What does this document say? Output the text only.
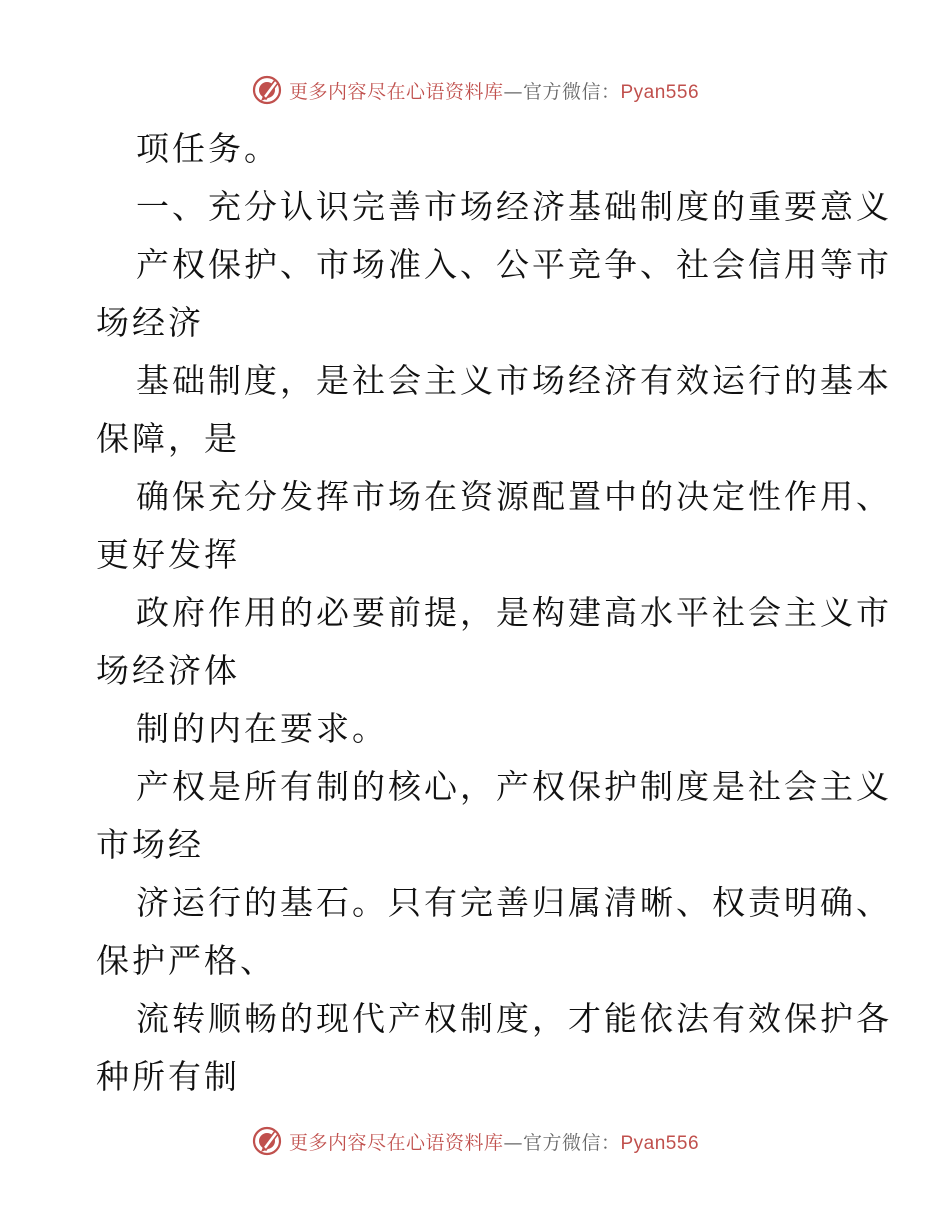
更多内容尽在心语资料库—官方微信：Pyan556
项任务。
一、充分认识完善市场经济基础制度的重要意义
产权保护、市场准入、公平竞争、社会信用等市
场经济
基础制度，是社会主义市场经济有效运行的基本
保障，是
确保充分发挥市场在资源配置中的决定性作用、
更好发挥
政府作用的必要前提，是构建高水平社会主义市
场经济体
制的内在要求。
产权是所有制的核心，产权保护制度是社会主义
市场经
济运行的基石。只有完善归属清晰、权责明确、
保护严格、
流转顺畅的现代产权制度，才能依法有效保护各
种所有制
更多内容尽在心语资料库—官方微信：Pyan556
